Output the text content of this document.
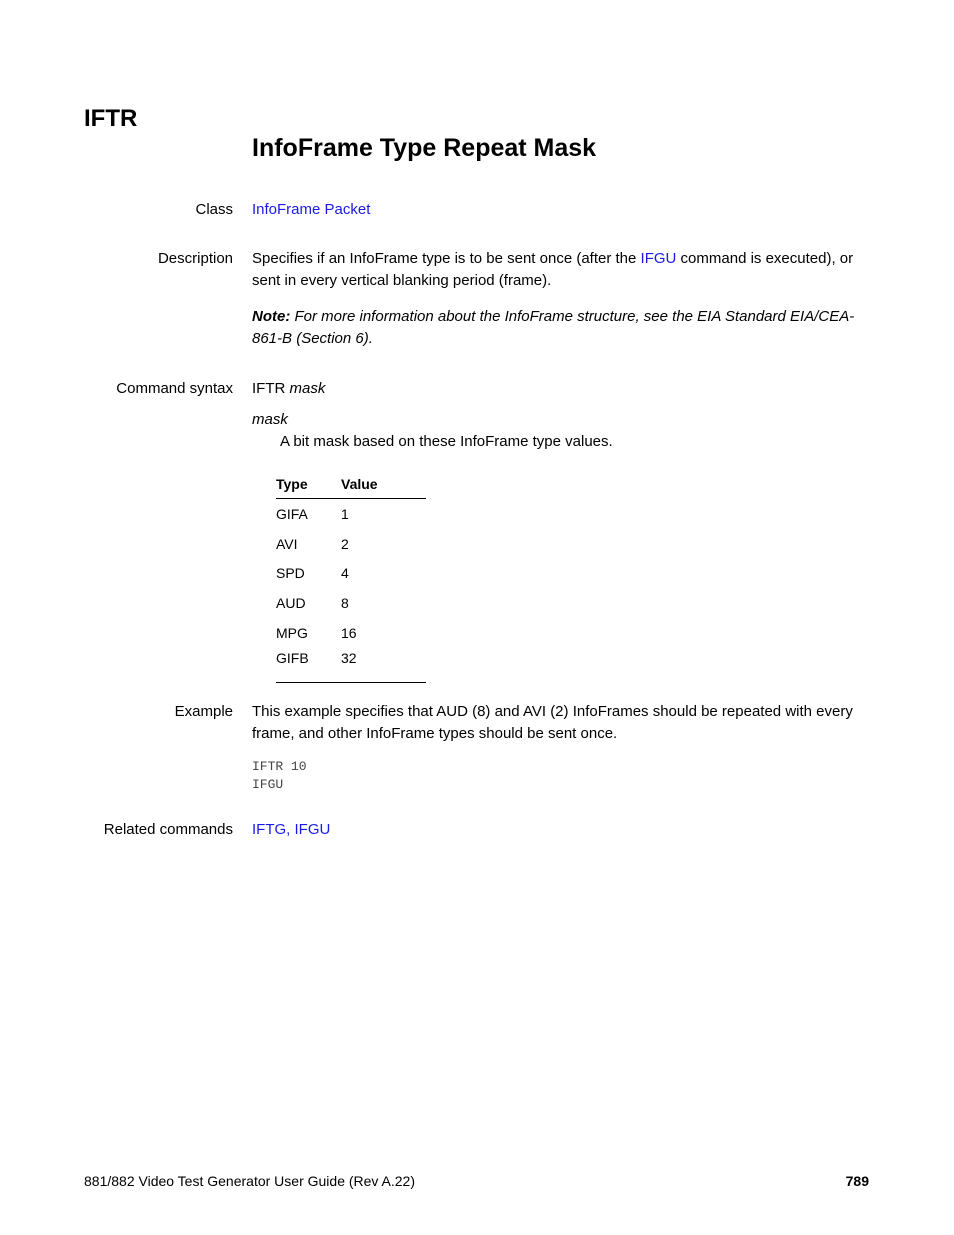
IFTR
InfoFrame Type Repeat Mask
Class InfoFrame Packet
Description Specifies if an InfoFrame type is to be sent once (after the IFGU command is executed), or sent in every vertical blanking period (frame).
Note: For more information about the InfoFrame structure, see the EIA Standard EIA/CEA-861-B (Section 6).
Command syntax IFTR mask
mask
A bit mask based on these InfoFrame type values.
Type	Value
GIFA	1
AVI	2
SPD	4
AUD	8
MPG	16
GIFB	32
Example This example specifies that AUD (8) and AVI (2) InfoFrames should be repeated with every frame, and other InfoFrame types should be sent once.
IFTR 10
IFGU
Related commands IFTG, IFGU
881/882 Video Test Generator User Guide (Rev A.22)	789
